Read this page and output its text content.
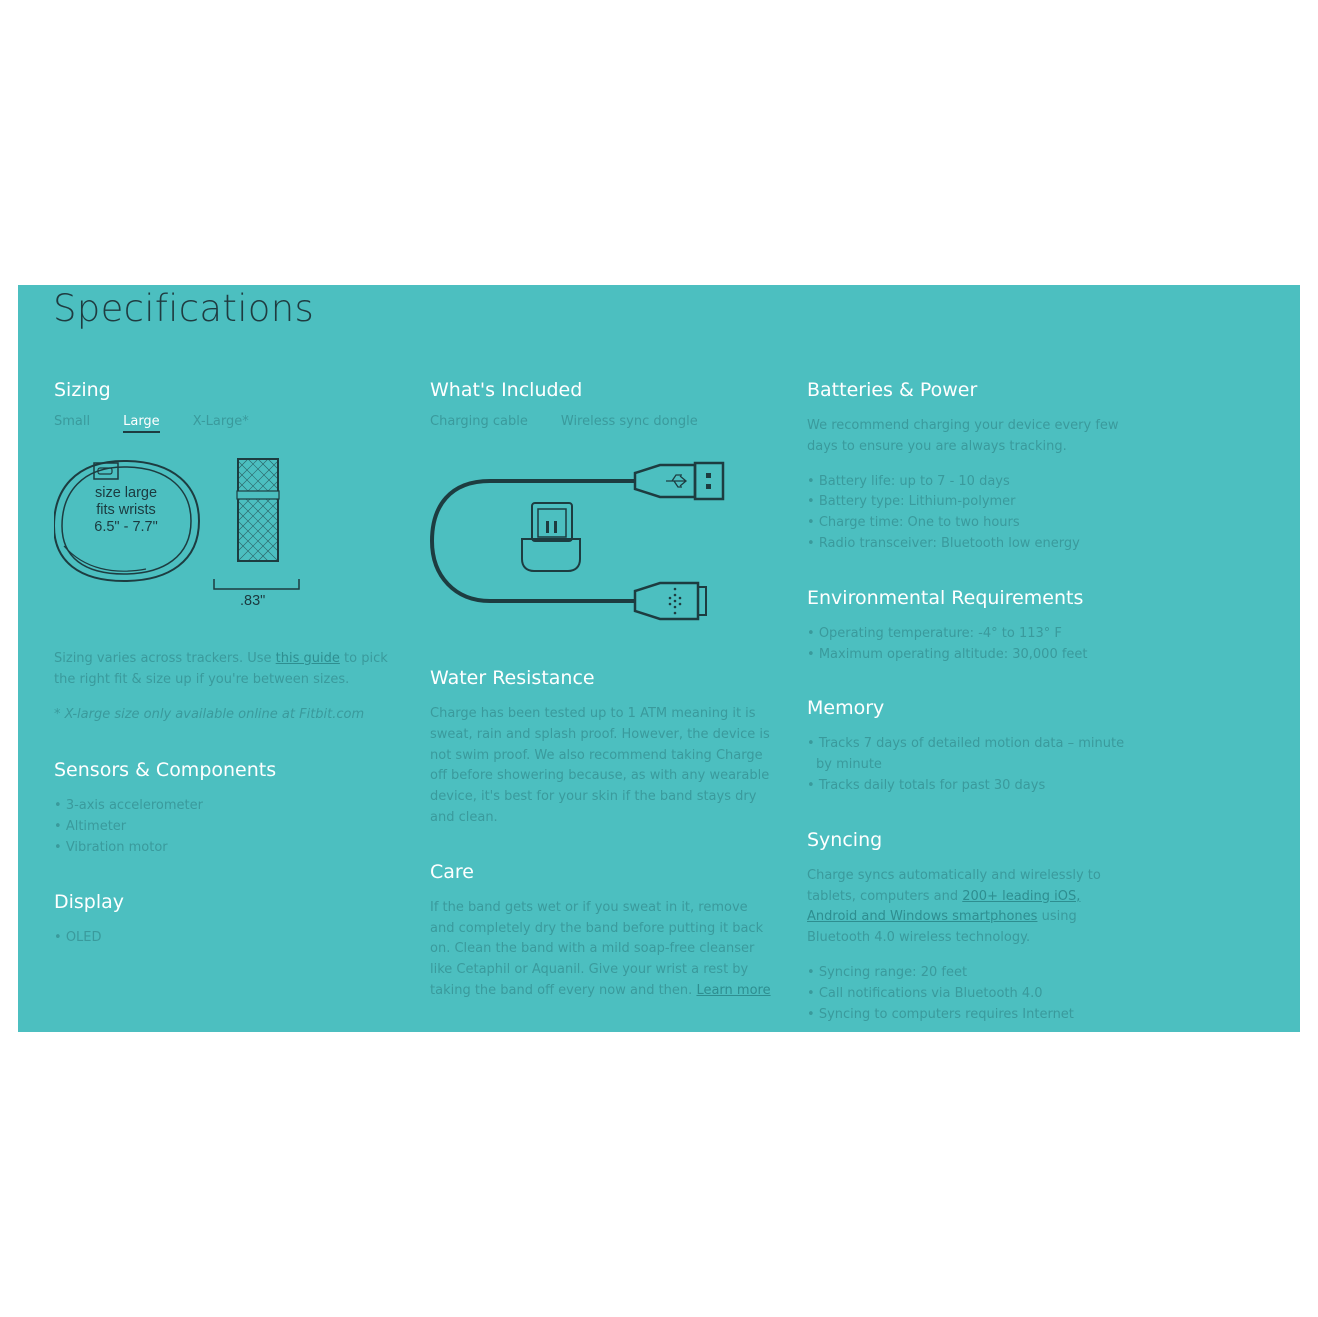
Specifications
Sizing
Small	Large	X-Large*
size large
fits wrists
6.5" - 7.7"
.83"
Sizing varies across trackers. Use this guide to pick the right fit & size up if you're between sizes.
* X-large size only available online at Fitbit.com
Sensors & Components
• 3-axis accelerometer
• Altimeter
• Vibration motor
Display
• OLED
What's Included
Charging cable	Wireless sync dongle
Water Resistance

Charge has been tested up to 1 ATM meaning it is sweat, rain and splash proof. However, the device is not swim proof. We also recommend taking Charge off before showering because, as with any wearable device, it's best for your skin if the band stays dry and clean.

Care

If the band gets wet or if you sweat in it, remove and completely dry the band before putting it back on. Clean the band with a mild soap-free cleanser like Cetaphil or Aquanil. Give your wrist a rest by taking the band off every now and then. Learn more

Batteries & Power

We recommend charging your device every few days to ensure you are always tracking.

• Battery life: up to 7 - 10 days
• Battery type: Lithium-polymer
• Charge time: One to two hours
• Radio transceiver: Bluetooth low energy
Environmental Requirements
• Operating temperature: -4° to 113° F
• Maximum operating altitude: 30,000 feet
Memory
• Tracks 7 days of detailed motion data – minute by minute
• Tracks daily totals for past 30 days
Syncing

Charge syncs automatically and wirelessly to tablets, computers and 200+ leading iOS, Android and Windows smartphones using Bluetooth 4.0 wireless technology.

• Syncing range: 20 feet
• Call notifications via Bluetooth 4.0
• Syncing to computers requires Internet
